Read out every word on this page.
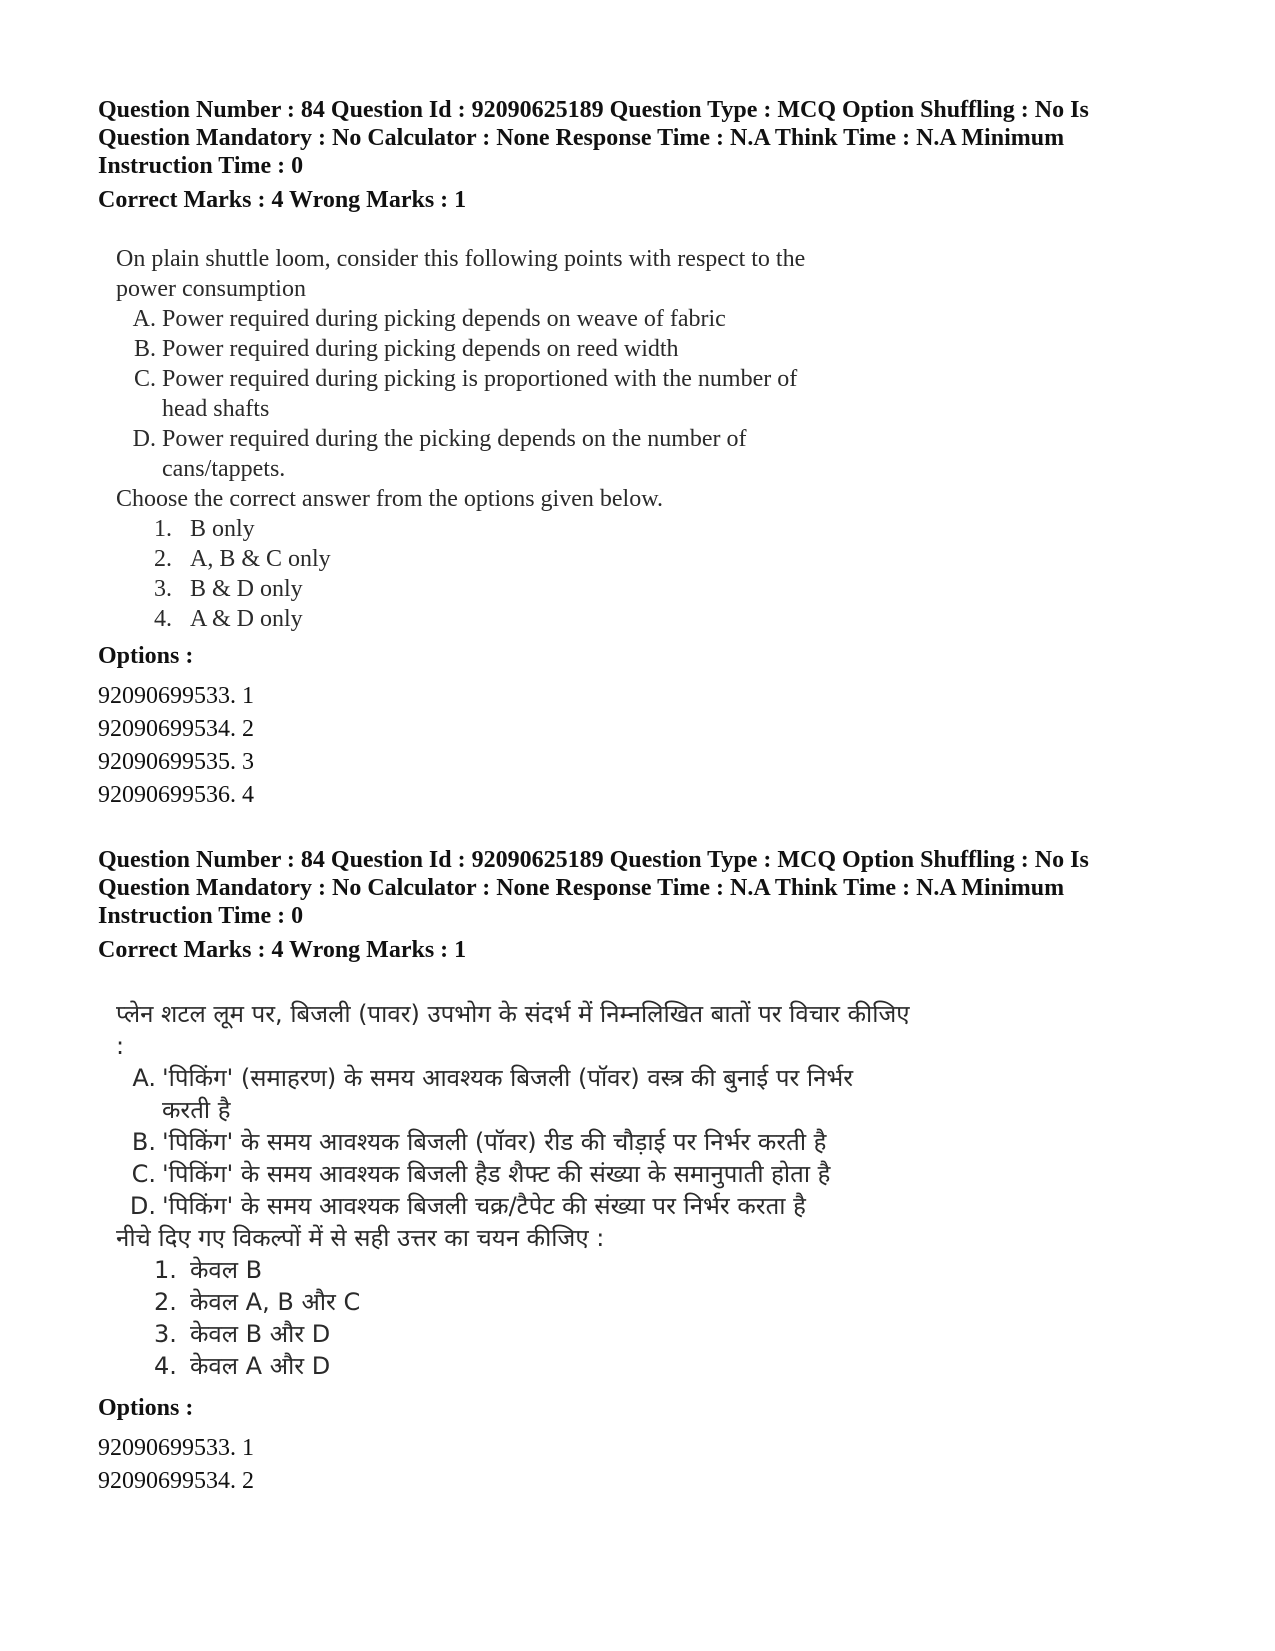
Question Number : 84 Question Id : 92090625189 Question Type : MCQ Option Shuffling : No Is

Question Mandatory : No Calculator : None Response Time : N.A Think Time : N.A Minimum

Instruction Time : 0

Correct Marks : 4 Wrong Marks : 1

On plain shuttle loom, consider this following points with respect to the

power consumption

A. Power required during picking depends on weave of fabric
B. Power required during picking depends on reed width
C. Power required during picking is proportioned with the number of
head shafts
D. Power required during the picking depends on the number of
cans/tappets.

Choose the correct answer from the options given below.

1. B only
2. A, B & C only
3. B & D only
4. A & D only

Options :

92090699533. 1
92090699534. 2
92090699535. 3
92090699536. 4

Question Number : 84 Question Id : 92090625189 Question Type : MCQ Option Shuffling : No Is

Question Mandatory : No Calculator : None Response Time : N.A Think Time : N.A Minimum

Instruction Time : 0

Correct Marks : 4 Wrong Marks : 1

प्लेन शटल लूम पर, बिजली (पावर) उपभोग के संदर्भ में निम्नलिखित बातों पर विचार कीजिए

:

A. 'पिकिंग' (समाहरण) के समय आवश्यक बिजली (पॉवर) वस्त्र की बुनाई पर निर्भर
करती है
B. 'पिकिंग' के समय आवश्यक बिजली (पॉवर) रीड की चौड़ाई पर निर्भर करती है
C. 'पिकिंग' के समय आवश्यक बिजली हैड शैफ्ट की संख्या के समानुपाती होता है
D. 'पिकिंग' के समय आवश्यक बिजली चक्र/टैपेट की संख्या पर निर्भर करता है

नीचे दिए गए विकल्पों में से सही उत्तर का चयन कीजिए :

1. केवल B
2. केवल A, B और C
3. केवल B और D
4. केवल A और D

Options :

92090699533. 1
92090699534. 2
